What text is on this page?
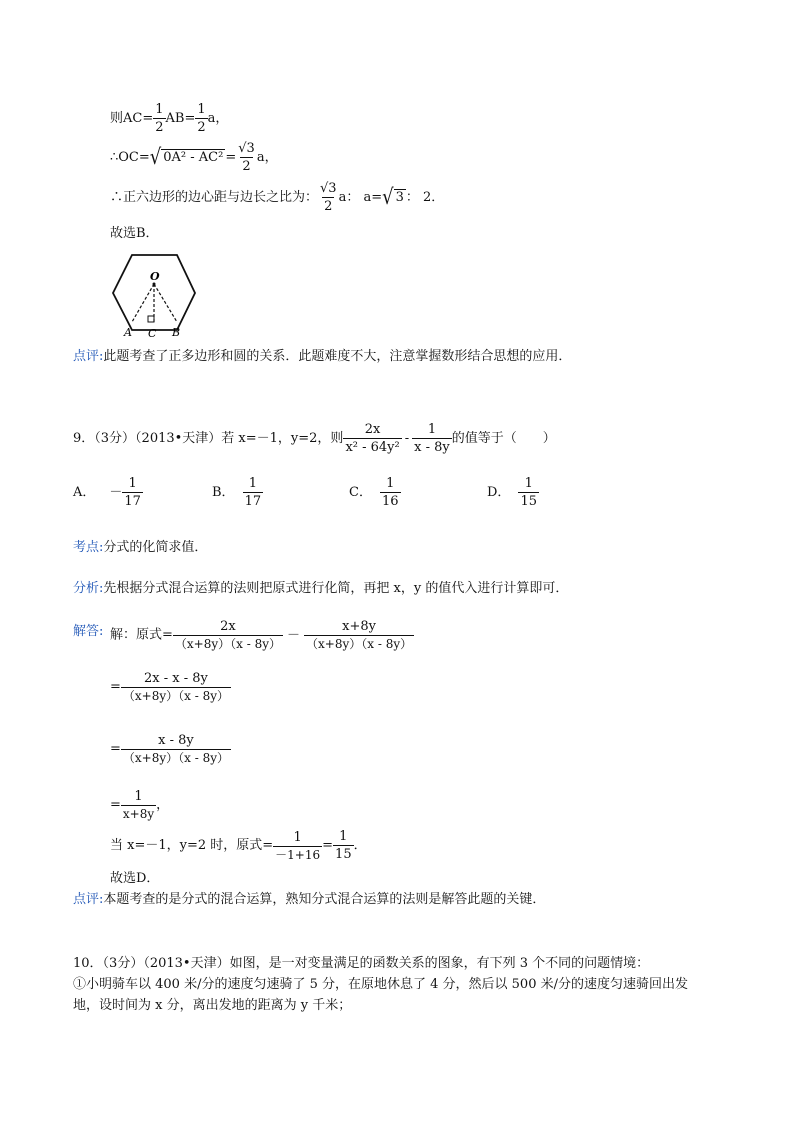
则$AC= \frac{1}{2} AB= \frac{1}{2}$ a，
∴OC= √ $0A^2 - AC^2 = \frac{√3}{2}$ a，
∴正六边形的边心距与边长之比为： $\frac{√3}{2}$ a： a= √ 3 ： 2．
故选B．
O
A C B
点评:此题考查了正多边形和圆的关系．此题难度不大，注意掌握数形结合思想的应用．
9．（3分）（2013•天津）若 x=－1，y=2，则 $\frac{2x}{\text{x² - 64y²}} - \frac{1}{x - 8y}$ 的值等于（　　）
A． － $\frac{1}{17}$	B． $\frac{1}{17}$	C． $\frac{1}{16}$	D． $\frac{1}{15}$
考点:分式的化简求值．
分析:先根据分式混合运算的法则把原式进行化简，再把 x，y 的值代入进行计算即可．
解答: 解：原式= $\frac{2x}{(x+8y)(x - 8y)} - \frac{x+8y}{(x+8y)(x - 8y)}$
= $\frac{2x - x - 8y}{(x+8y)(x - 8y)}$
= $\frac{x - 8y}{(x+8y)(x - 8y)}$
= $\frac{1}{x+8y}$ ，
当 x=－1，y=2 时，原式= $\frac{1}{-1+16} = \frac{1}{15}$ ．
故选D．
点评:本题考查的是分式的混合运算，熟知分式混合运算的法则是解答此题的关键．
10．（3分）（2013•天津）如图，是一对变量满足的函数关系的图象，有下列 3 个不同的问题情境：
①小明骑车以 400 米/分的速度匀速骑了 5 分，在原地休息了 4 分，然后以 500 米/分的速度匀速骑回出发
地，设时间为 x 分，离出发地的距离为 y 千米；
